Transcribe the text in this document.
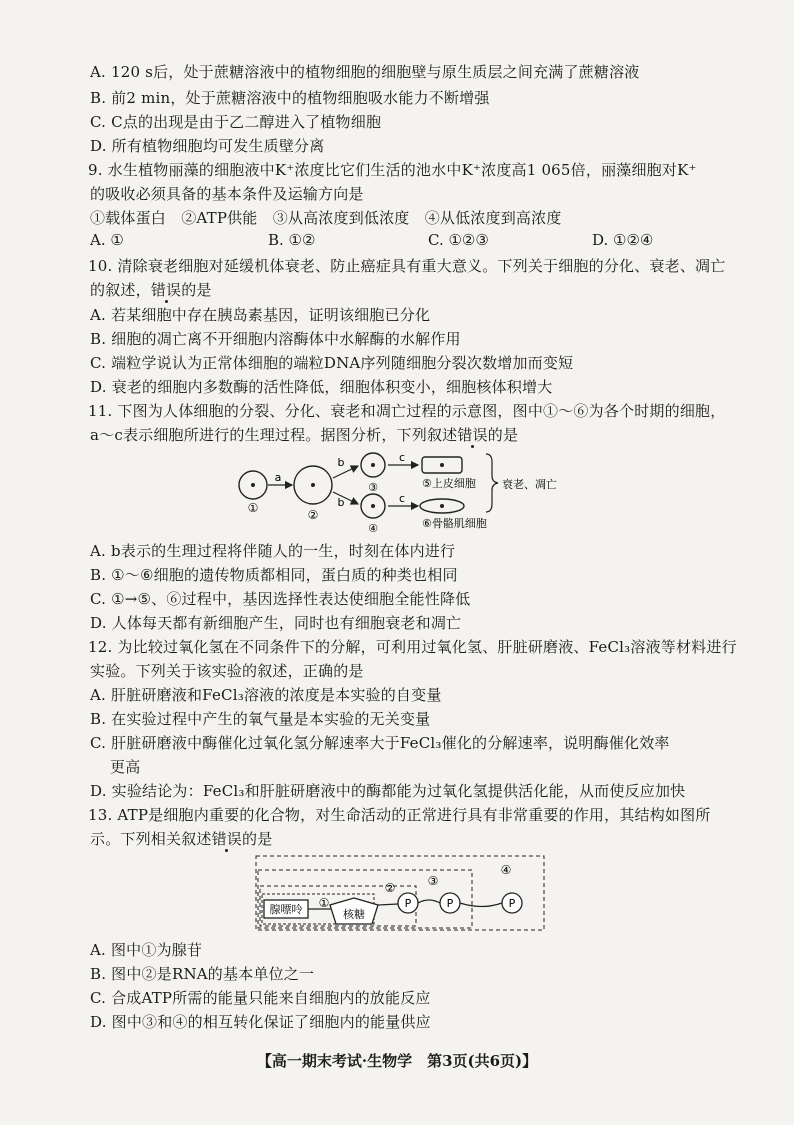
A. 120 s后，处于蔗糖溶液中的植物细胞的细胞壁与原生质层之间充满了蔗糖溶液
B. 前2 min，处于蔗糖溶液中的植物细胞吸水能力不断增强
C. C点的出现是由于乙二醇进入了植物细胞
D. 所有植物细胞均可发生质壁分离
9. 水生植物丽藻的细胞液中K⁺浓度比它们生活的池水中K⁺浓度高1 065倍，丽藻细胞对K⁺
的吸收必须具备的基本条件及运输方向是
①载体蛋白　②ATP供能　③从高浓度到低浓度　④从低浓度到高浓度
A. ①	B. ①②	C. ①②③	D. ①②④
10. 清除衰老细胞对延缓机体衰老、防止癌症具有重大意义。下列关于细胞的分化、衰老、凋亡
的叙述，错误的是
A. 若某细胞中存在胰岛素基因，证明该细胞已分化
B. 细胞的凋亡离不开细胞内溶酶体中水解酶的水解作用
C. 端粒学说认为正常体细胞的端粒DNA序列随细胞分裂次数增加而变短
D. 衰老的细胞内多数酶的活性降低，细胞体积变小，细胞核体积增大
11. 下图为人体细胞的分裂、分化、衰老和凋亡过程的示意图，图中①～⑥为各个时期的细胞，
a～c表示细胞所进行的生理过程。据图分析，下列叙述错误的是
①
a
②
b
b
③
④
c
c
⑤上皮细胞
⑥骨骼肌细胞
衰老、凋亡
A. b表示的生理过程将伴随人的一生，时刻在体内进行
B. ①～⑥细胞的遗传物质都相同，蛋白质的种类也相同
C. ①→⑤、⑥过程中，基因选择性表达使细胞全能性降低
D. 人体每天都有新细胞产生，同时也有细胞衰老和凋亡
12. 为比较过氧化氢在不同条件下的分解，可利用过氧化氢、肝脏研磨液、FeCl₃溶液等材料进行
实验。下列关于该实验的叙述，正确的是
A. 肝脏研磨液和FeCl₃溶液的浓度是本实验的自变量
B. 在实验过程中产生的氧气量是本实验的无关变量
C. 肝脏研磨液中酶催化过氧化氢分解速率大于FeCl₃催化的分解速率，说明酶催化效率
更高
D. 实验结论为：FeCl₃和肝脏研磨液中的酶都能为过氧化氢提供活化能，从而使反应加快
13. ATP是细胞内重要的化合物，对生命活动的正常进行具有非常重要的作用，其结构如图所
示。下列相关叙述错误的是
④
③
②
①
腺嘌呤	核糖
P	P	P
A. 图中①为腺苷
B. 图中②是RNA的基本单位之一
C. 合成ATP所需的能量只能来自细胞内的放能反应
D. 图中③和④的相互转化保证了细胞内的能量供应
【高一期末考试·生物学　第3页(共6页)】
